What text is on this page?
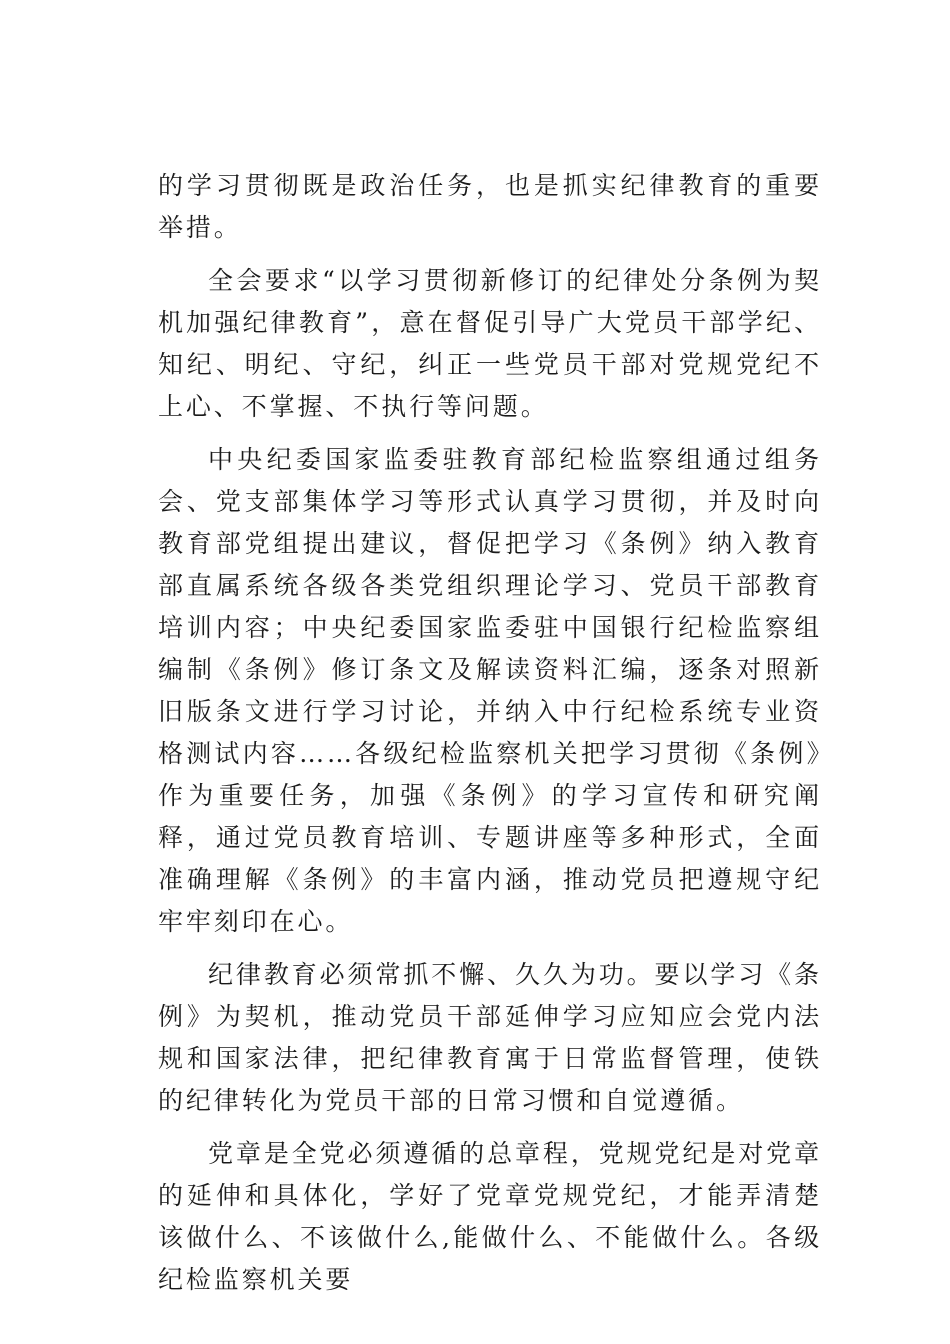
的学习贯彻既是政治任务，也是抓实纪律教育的重要举措。

全会要求“以学习贯彻新修订的纪律处分条例为契机加强纪律教育”，意在督促引导广大党员干部学纪、知纪、明纪、守纪，纠正一些党员干部对党规党纪不上心、不掌握、不执行等问题。

中央纪委国家监委驻教育部纪检监察组通过组务会、党支部集体学习等形式认真学习贯彻，并及时向教育部党组提出建议，督促把学习《条例》纳入教育部直属系统各级各类党组织理论学习、党员干部教育培训内容；中央纪委国家监委驻中国银行纪检监察组编制《条例》修订条文及解读资料汇编，逐条对照新旧版条文进行学习讨论，并纳入中行纪检系统专业资格测试内容……各级纪检监察机关把学习贯彻《条例》作为重要任务，加强《条例》的学习宣传和研究阐释，通过党员教育培训、专题讲座等多种形式，全面准确理解《条例》的丰富内涵，推动党员把遵规守纪牢牢刻印在心。

纪律教育必须常抓不懈、久久为功。要以学习《条例》为契机，推动党员干部延伸学习应知应会党内法规和国家法律，把纪律教育寓于日常监督管理，使铁的纪律转化为党员干部的日常习惯和自觉遵循。

党章是全党必须遵循的总章程，党规党纪是对党章的延伸和具体化，学好了党章党规党纪，才能弄清楚该做什么、不该做什么,能做什么、不能做什么。各级纪检监察机关要
